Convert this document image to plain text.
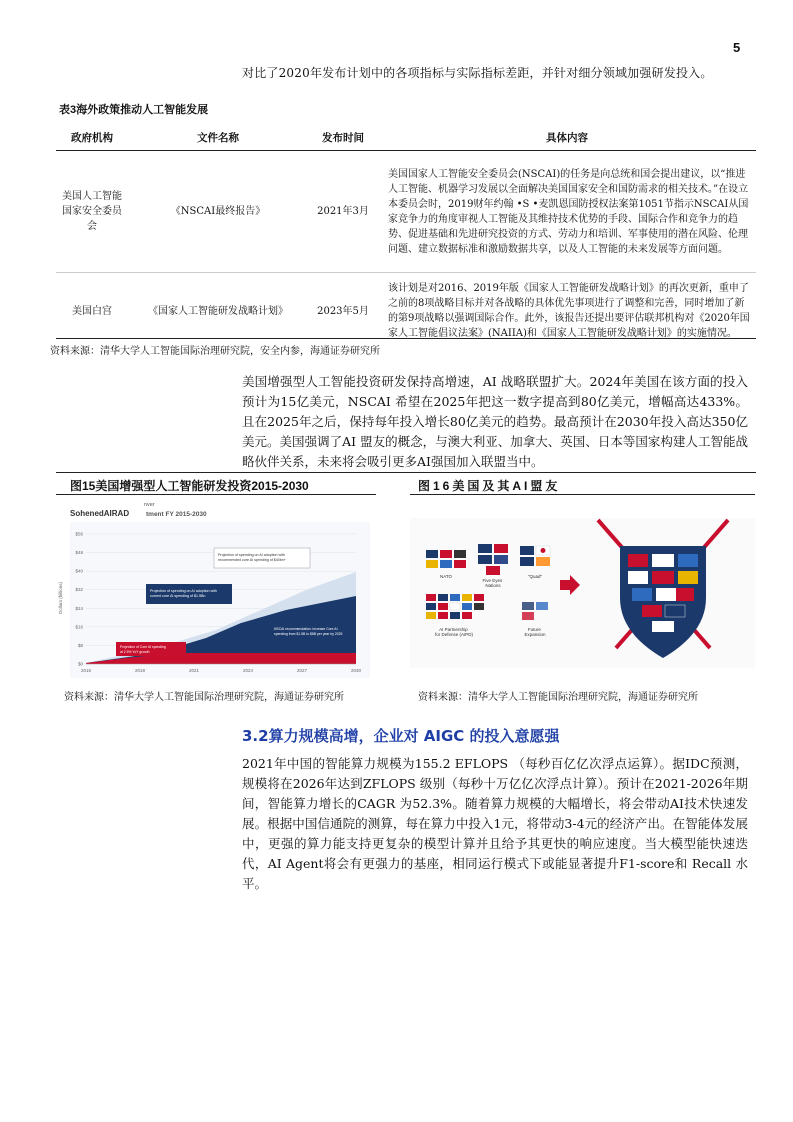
5
对比了2020年发布计划中的各项指标与实际指标差距，并针对细分领域加强研发投入。
表3海外政策推动人工智能发展
政府机构	文件名称	发布时间	具体内容
美国人工智能国家安全委员会	《NSCAI最终报告》	2021年3月	美国国家人工智能安全委员会(NSCAI)的任务是向总统和国会提出建议，以“推进人工智能、机器学习发展以全面解决美国国家安全和国防需求的相关技术。”在设立本委员会时，2019财年约翰 •S •麦凯恩国防授权法案第1051节指示NSCAI从国家竞争力的角度审视人工智能及其维持技术优势的手段、国际合作和竞争力的趋势、促进基础和先进研究投资的方式、劳动力和培训、军事使用的潜在风险、伦理问题、建立数据标准和激励数据共享，以及人工智能的未来发展等方面问题。
美国白宫	《国家人工智能研发战略计划》	2023年5月	该计划是对2016、2019年版《国家人工智能研发战略计划》的再次更新，重申了之前的8项战略目标并对各战略的具体优先事项进行了调整和完善，同时增加了新的第9项战略以强调国际合作。此外，该报告还提出要评估联邦机构对《2020年国家人工智能倡议法案》(NAIIA)和《国家人工智能研发战略计划》的实施情况。
资料来源：清华大学人工智能国际治理研究院，安全内参，海通证券研究所
美国增强型人工智能投资研发保持高增速，AI 战略联盟扩大。2024年美国在该方面的投入预计为15亿美元，NSCAI 希望在2025年把这一数字提高到80亿美元，增幅高达433%。且在2025年之后，保持每年投入增长80亿美元的趋势。最高预计在2030年投入高达350亿美元。美国强调了AI 盟友的概念，与澳大利亚、加拿大、英国、日本等国家构建人工智能战略伙伴关系，未来将会吸引更多AI强国加入联盟当中。
图15美国增强型人工智能研发投资2015-2030	图16美国及其AI盟友
SohenedAIRAD
nver
tment FY 2015-2030
$0
$8
$16
$24
$32
$40
$48
$56
2015	2018	2021	2024	2027	2030
Dollars (billions)
Projection of spending on AI adoption with recommended core AI spending of $40bn+
Projection of spending on AI adoption with current core AI spending of $1.5Bn
NSCAI recommendation: increase Core AI spending from $1.5B to $8B per year by 2025
Projection of Core AI spending at 2.5% YoY growth
NATO
Five Eyes Nations
"Quad"
AI Partnership for Defense (AIPD)
Future Expansion
资料来源：清华大学人工智能国际治理研究院，海通证券研究所	资料来源：清华大学人工智能国际治理研究院，海通证券研究所
3.2算力规模高增，企业对 AIGC 的投入意愿强
2021年中国的智能算力规模为155.2 EFLOPS （每秒百亿亿次浮点运算）。据IDC预测，规模将在2026年达到ZFLOPS 级别（每秒十万亿亿次浮点计算）。预计在2021-2026年期间，智能算力增长的CAGR 为52.3%。随着算力规模的大幅增长，将会带动AI技术快速发展。根据中国信通院的测算，每在算力中投入1元，将带动3-4元的经济产出。在智能体发展中，更强的算力能支持更复杂的模型计算并且给予其更快的响应速度。当大模型能快速迭代，AI Agent将会有更强力的基座，相同运行模式下或能显著提升F1-score和 Recall 水平。
